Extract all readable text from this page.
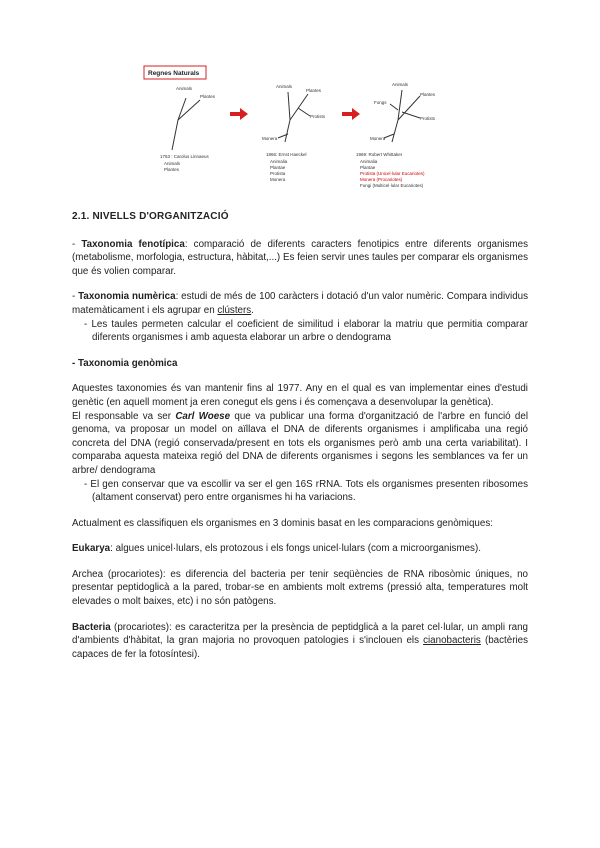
Regnes Naturals
Animals
Plantes
1753 : Carolus Linnaeus
Animals
Plantes
Animals
Plantes
Protists
Monera
1866: Ernst Haeckel
Animalia
Plantae
Protista
Monera
Animals
Fongs
Plantes
Protists
Monera
1969: Robert Whittaker
Animalia
Plantae
Protista (Unicel·lular Eucariotes)
Monera (Procariotes)
Fungi (Multicel·lular Eucariotes)
2.1. NIVELLS D'ORGANITZACIÓ

- Taxonomia fenotípica: comparació de diferents caracters fenotipics entre diferents organismes (metabolisme, morfologia, estructura, hàbitat,...) Es feien servir unes taules per comparar els organismes que és volien comparar.

- Taxonomia numèrica: estudi de més de 100 caràcters i dotació d'un valor numèric. Compara individus matemàticament i els agrupar en clústers.

- Les taules permeten calcular el coeficient de similitud i elaborar la matriu que permitia comparar diferents organismes i amb aquesta elaborar un arbre o dendograma

- Taxonomia genòmica

Aquestes taxonomies és van mantenir fins al 1977. Any en el qual es van implementar eines d'estudi genètic (en aquell moment ja eren conegut els gens i és començava a desenvolupar la genètica).

El responsable va ser Carl Woese que va publicar una forma d'organització de l'arbre en funció del genoma, va proposar un model on aïllava el DNA de diferents organismes i amplificaba una regió concreta del DNA (regió conservada/present en tots els organismes però amb una certa variabilitat). I comparaba aquesta mateixa regió del DNA de diferents organismes i segons les semblances va fer un arbre/ dendograma

- El gen conservar que va escollir va ser el gen 16S rRNA. Tots els organismes presenten ribosomes (altament conservat) pero entre organismes hi ha variacions.

Actualment es classifiquen els organismes en 3 dominis basat en les comparacions genòmiques:

Eukarya: algues unicel·lulars, els protozous i els fongs unicel·lulars (com a microorganismes).

Archea (procariotes): es diferencia del bacteria per tenir seqüències de RNA ribosòmic úniques, no presentar peptidoglicà a la pared, trobar-se en ambients molt extrems (pressió alta, temperatures molt elevades o molt baixes, etc) i no són patògens.

Bacteria (procariotes): es caracteritza per la presència de peptidglicà a la paret cel·lular, un ampli rang d'ambients d'hàbitat, la gran majoria no provoquen patologies i s'inclouen els cianobacteris (bactèries capaces de fer la fotosíntesi).
